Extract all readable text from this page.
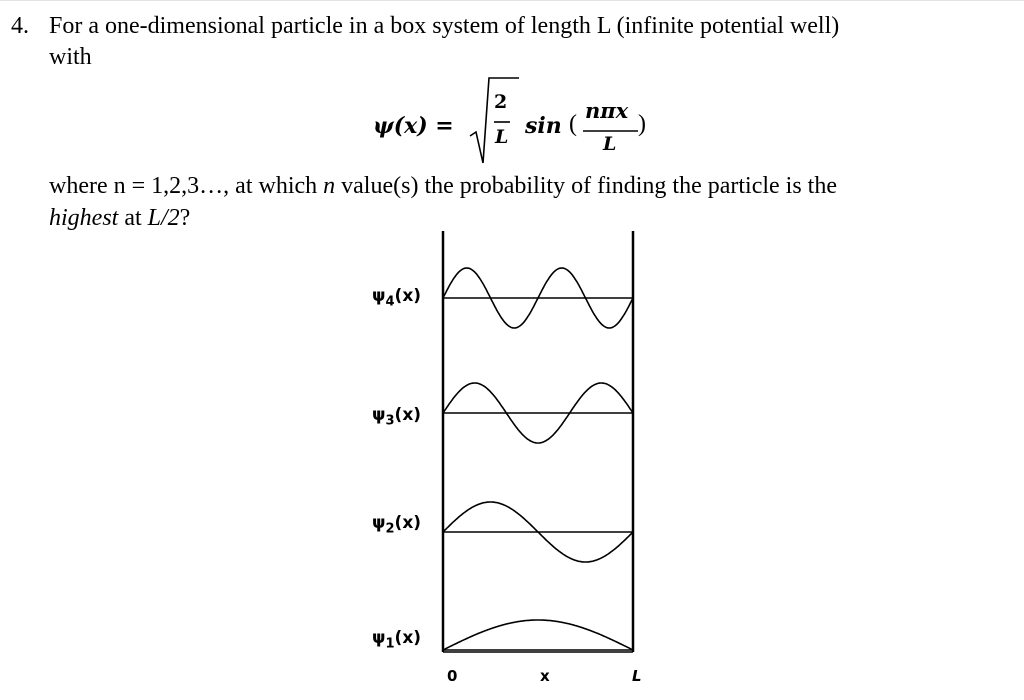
4. For a one-dimensional particle in a box system of length L (infinite potential well)
with
ψ(x) =
2
L sin (
nπx
L
)
where n = 1,2,3…, at which n value(s) the probability of finding the particle is the
highest at L/2?
$\psi_4(x)$
$\psi_3(x)$
$\psi_2(x)$
$\psi_1(x)$
0	x	L
